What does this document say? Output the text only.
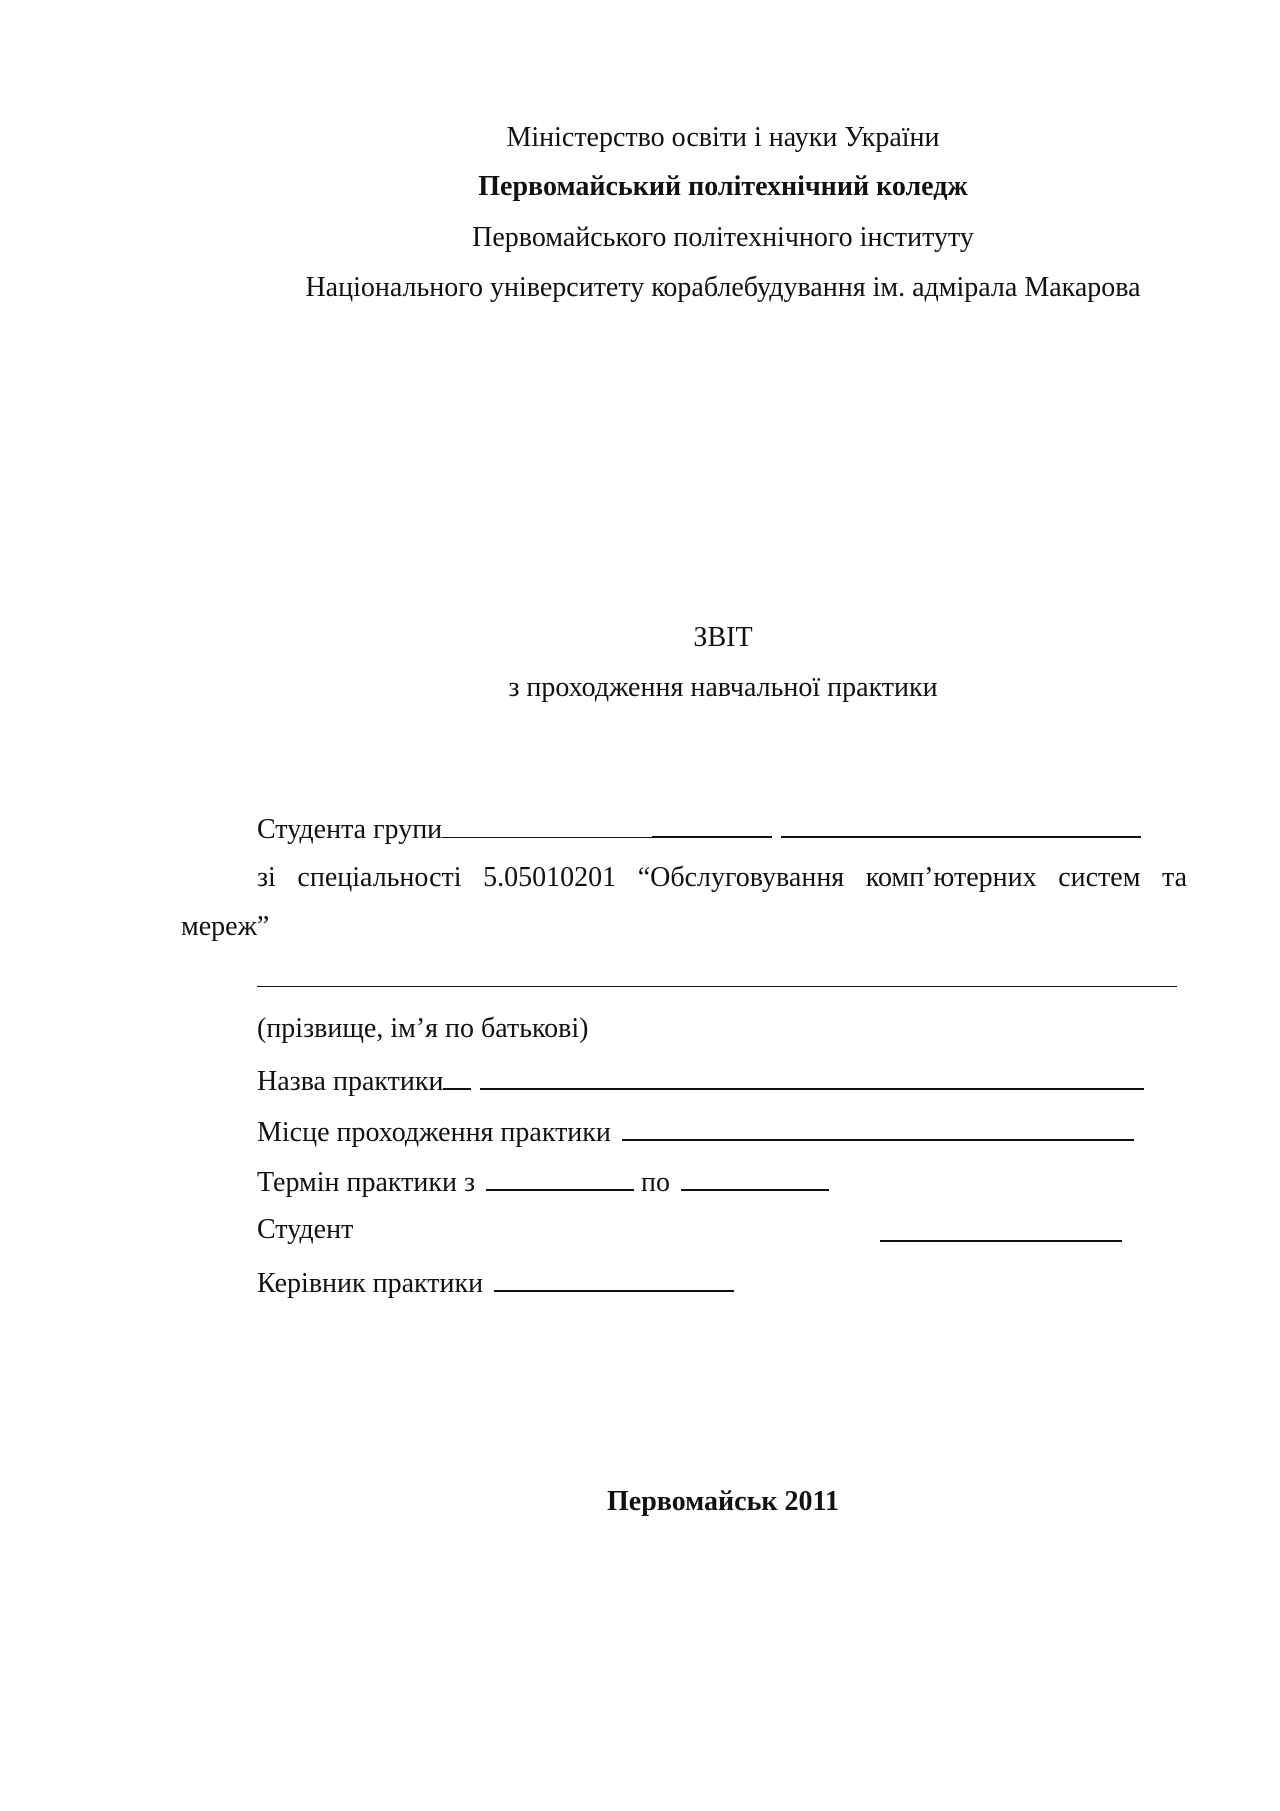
Міністерство освіти і науки України
Первомайський політехнічний коледж
Первомайського політехнічного інституту
Національного університету кораблебудування ім. адмірала Макарова
ЗВІТ
з проходження навчальної практики
Студента групи
зі спеціальності 5.05010201 “Обслуговування комп’ютерних систем та
мереж”
(прізвище, ім’я по батькові)
Назва практики
Місце проходження практики
Термін практики з	по
Студент
Керівник практики
Первомайськ 2011
